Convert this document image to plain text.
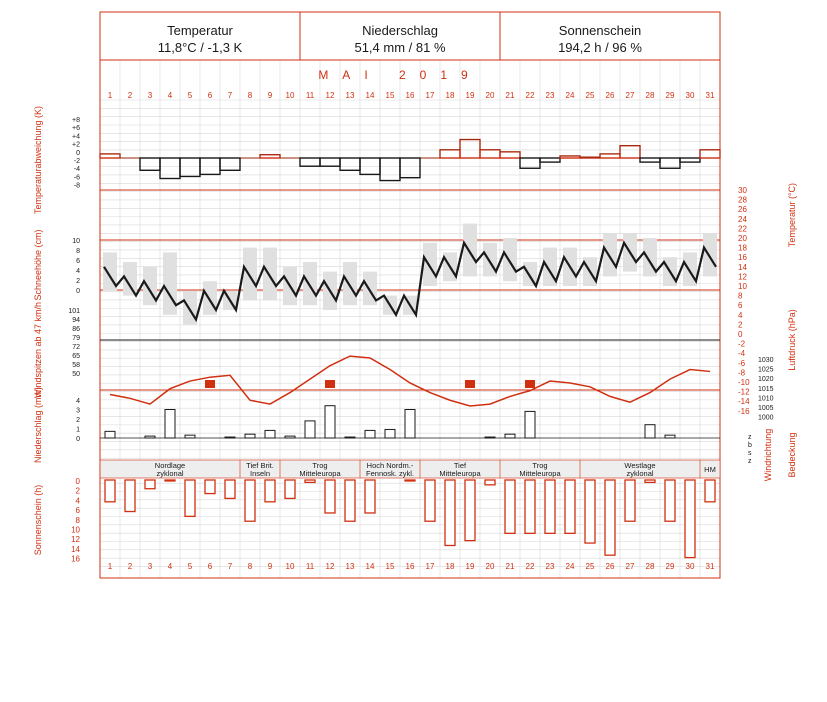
Temperatur
11,8°C / -1,3 K
Niederschlag
51,4 mm / 81 %
Sonnenschein
194,2 h / 96 %
MAI 2019
Temperaturabweichung (K)
Schneehöhe (cm)
Windspitzen ab 47 km/h
Niederschlag (mm)
Sonnenschein (h)
Temperatur (°C)
Luftdruck (hPa)
Windrichtung Bedeckung
+8
+6
+4
+2
0
-2
-4
-6
-8
10
8
6
4
2
0
101
94
86
79
72
65
58
50
4
3
2
1
0
0
2
4
6
8
10
12
14
16
30
28
26
24
22
20
18
16
14
12
10
8
6
4
2
0
-2
-4
-6
-8
-10
-12
-14
-16
1030
1025
1020
1015
1010
1005
1000
z
b
s
z
1 2 3 4 5 6 7 8 9 10 11 12 13 14 15 16 17 18 19 20 21 22 23 24 25 26 27 28 29 30 31
1 2 3 4 5 6 7 8 9 10 11 12 13 14 15 16 17 18 19 20 21 22 23 24 25 26 27 28 29 30 31
Nordlage
zyklonal
Tief Brit.
Inseln
Trog
Mitteleuropa
Hoch Nordm.-
Fennosk. zykl.
Tief
Mitteleuropa
Trog
Mitteleuropa
Westlage
zyklonal	HM
